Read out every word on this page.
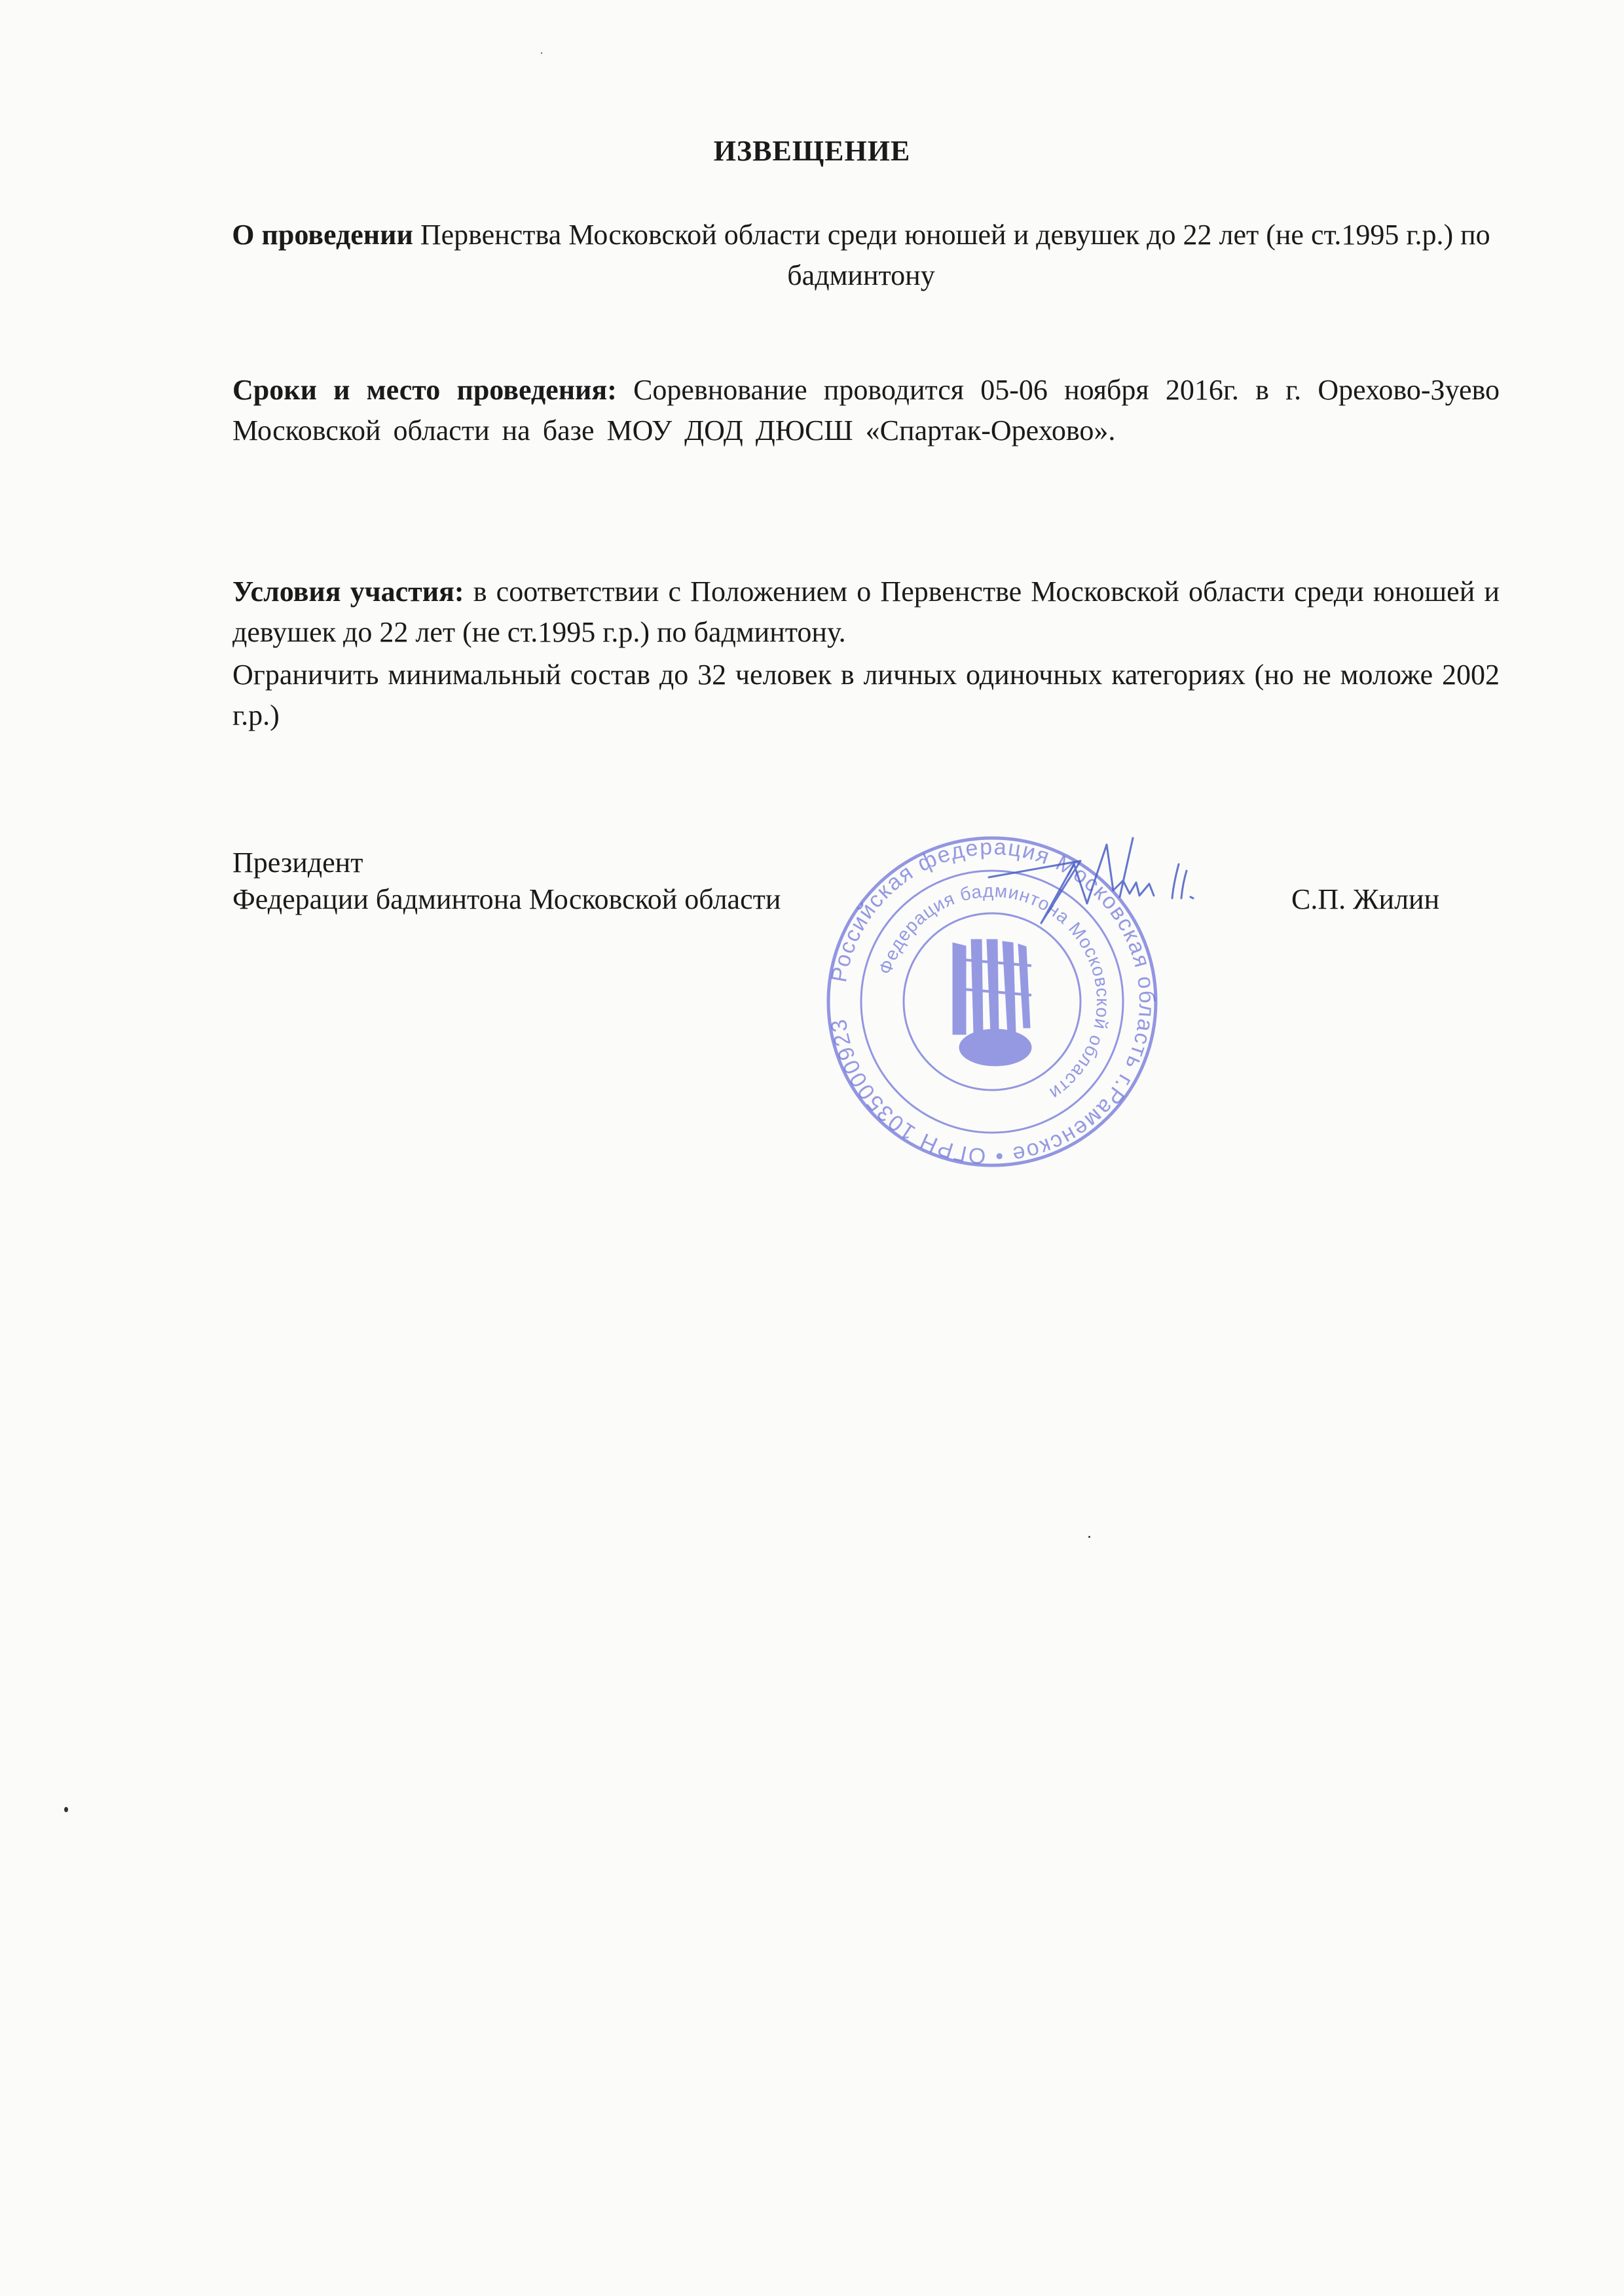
ИЗВЕЩЕНИЕ
О проведении Первенства Московской области среди юношей и девушек до 22 лет (не ст.1995 г.р.) по бадминтону
Сроки и место проведения: Соревнование проводится 05-06 ноября 2016г. в г. Орехово-Зуево Московской области на базе МОУ ДОД ДЮСШ «Спартак-Орехово».
Условия участия: в соответствии с Положением о Первенстве Московской области среди юношей и девушек до 22 лет (не ст.1995 г.р.) по бадминтону.
Ограничить минимальный состав до 32 человек в личных одиночных категориях (но не моложе 2002 г.р.)
Президент
Федерации бадминтона Московской области	С.П. Жилин
Российская федерация Московская область г.Раменское • ОГРН 1035000923
Федерация бадминтона Московской области
